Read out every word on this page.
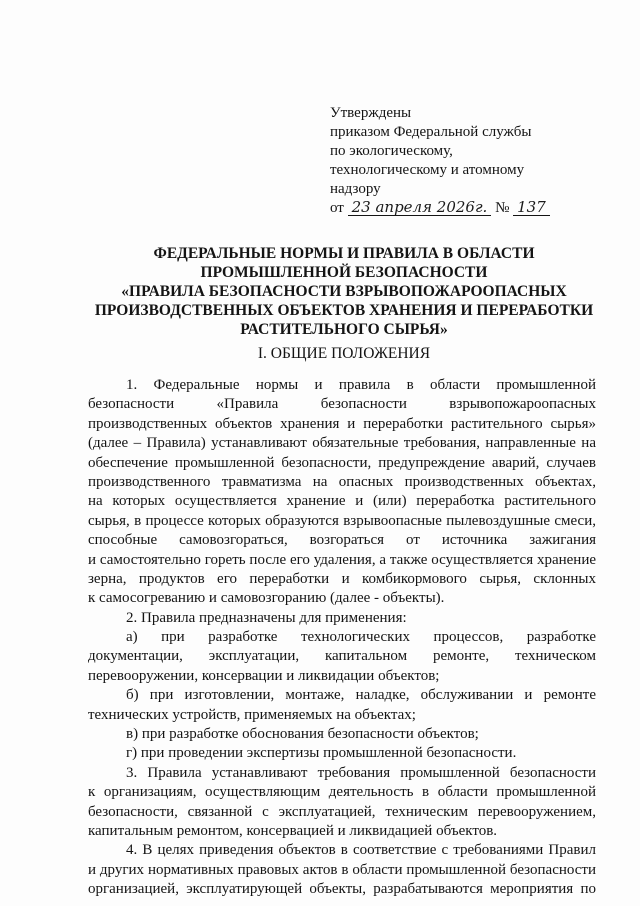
Утверждены
приказом Федеральной службы
по экологическому,
технологическому и атомному
надзору
от 23 апреля 2026г. № 137
ФЕДЕРАЛЬНЫЕ НОРМЫ И ПРАВИЛА В ОБЛАСТИ
ПРОМЫШЛЕННОЙ БЕЗОПАСНОСТИ
«ПРАВИЛА БЕЗОПАСНОСТИ ВЗРЫВОПОЖАРООПАСНЫХ
ПРОИЗВОДСТВЕННЫХ ОБЪЕКТОВ ХРАНЕНИЯ И ПЕРЕРАБОТКИ
РАСТИТЕЛЬНОГО СЫРЬЯ»
I. ОБЩИЕ ПОЛОЖЕНИЯ
1. Федеральные нормы и правила в области промышленной
безопасности «Правила безопасности взрывопожароопасных
производственных объектов хранения и переработки растительного сырья»
(далее – Правила) устанавливают обязательные требования, направленные на
обеспечение промышленной безопасности, предупреждение аварий, случаев
производственного травматизма на опасных производственных объектах,
на которых осуществляется хранение и (или) переработка растительного
сырья, в процессе которых образуются взрывоопасные пылевоздушные смеси,
способные самовозгораться, возгораться от источника зажигания
и самостоятельно гореть после его удаления, а также осуществляется хранение
зерна, продуктов его переработки и комбикормового сырья, склонных
к самосогреванию и самовозгоранию (далее - объекты).
2. Правила предназначены для применения:
а) при разработке технологических процессов, разработке
документации, эксплуатации, капитальном ремонте, техническом
перевооружении, консервации и ликвидации объектов;
б) при изготовлении, монтаже, наладке, обслуживании и ремонте
технических устройств, применяемых на объектах;
в) при разработке обоснования безопасности объектов;
г) при проведении экспертизы промышленной безопасности.
3. Правила устанавливают требования промышленной безопасности
к организациям, осуществляющим деятельность в области промышленной
безопасности, связанной с эксплуатацией, техническим перевооружением,
капитальным ремонтом, консервацией и ликвидацией объектов.
4. В целях приведения объектов в соответствие с требованиями Правил
и других нормативных правовых актов в области промышленной безопасности
организацией, эксплуатирующей объекты, разрабатываются мероприятия по
